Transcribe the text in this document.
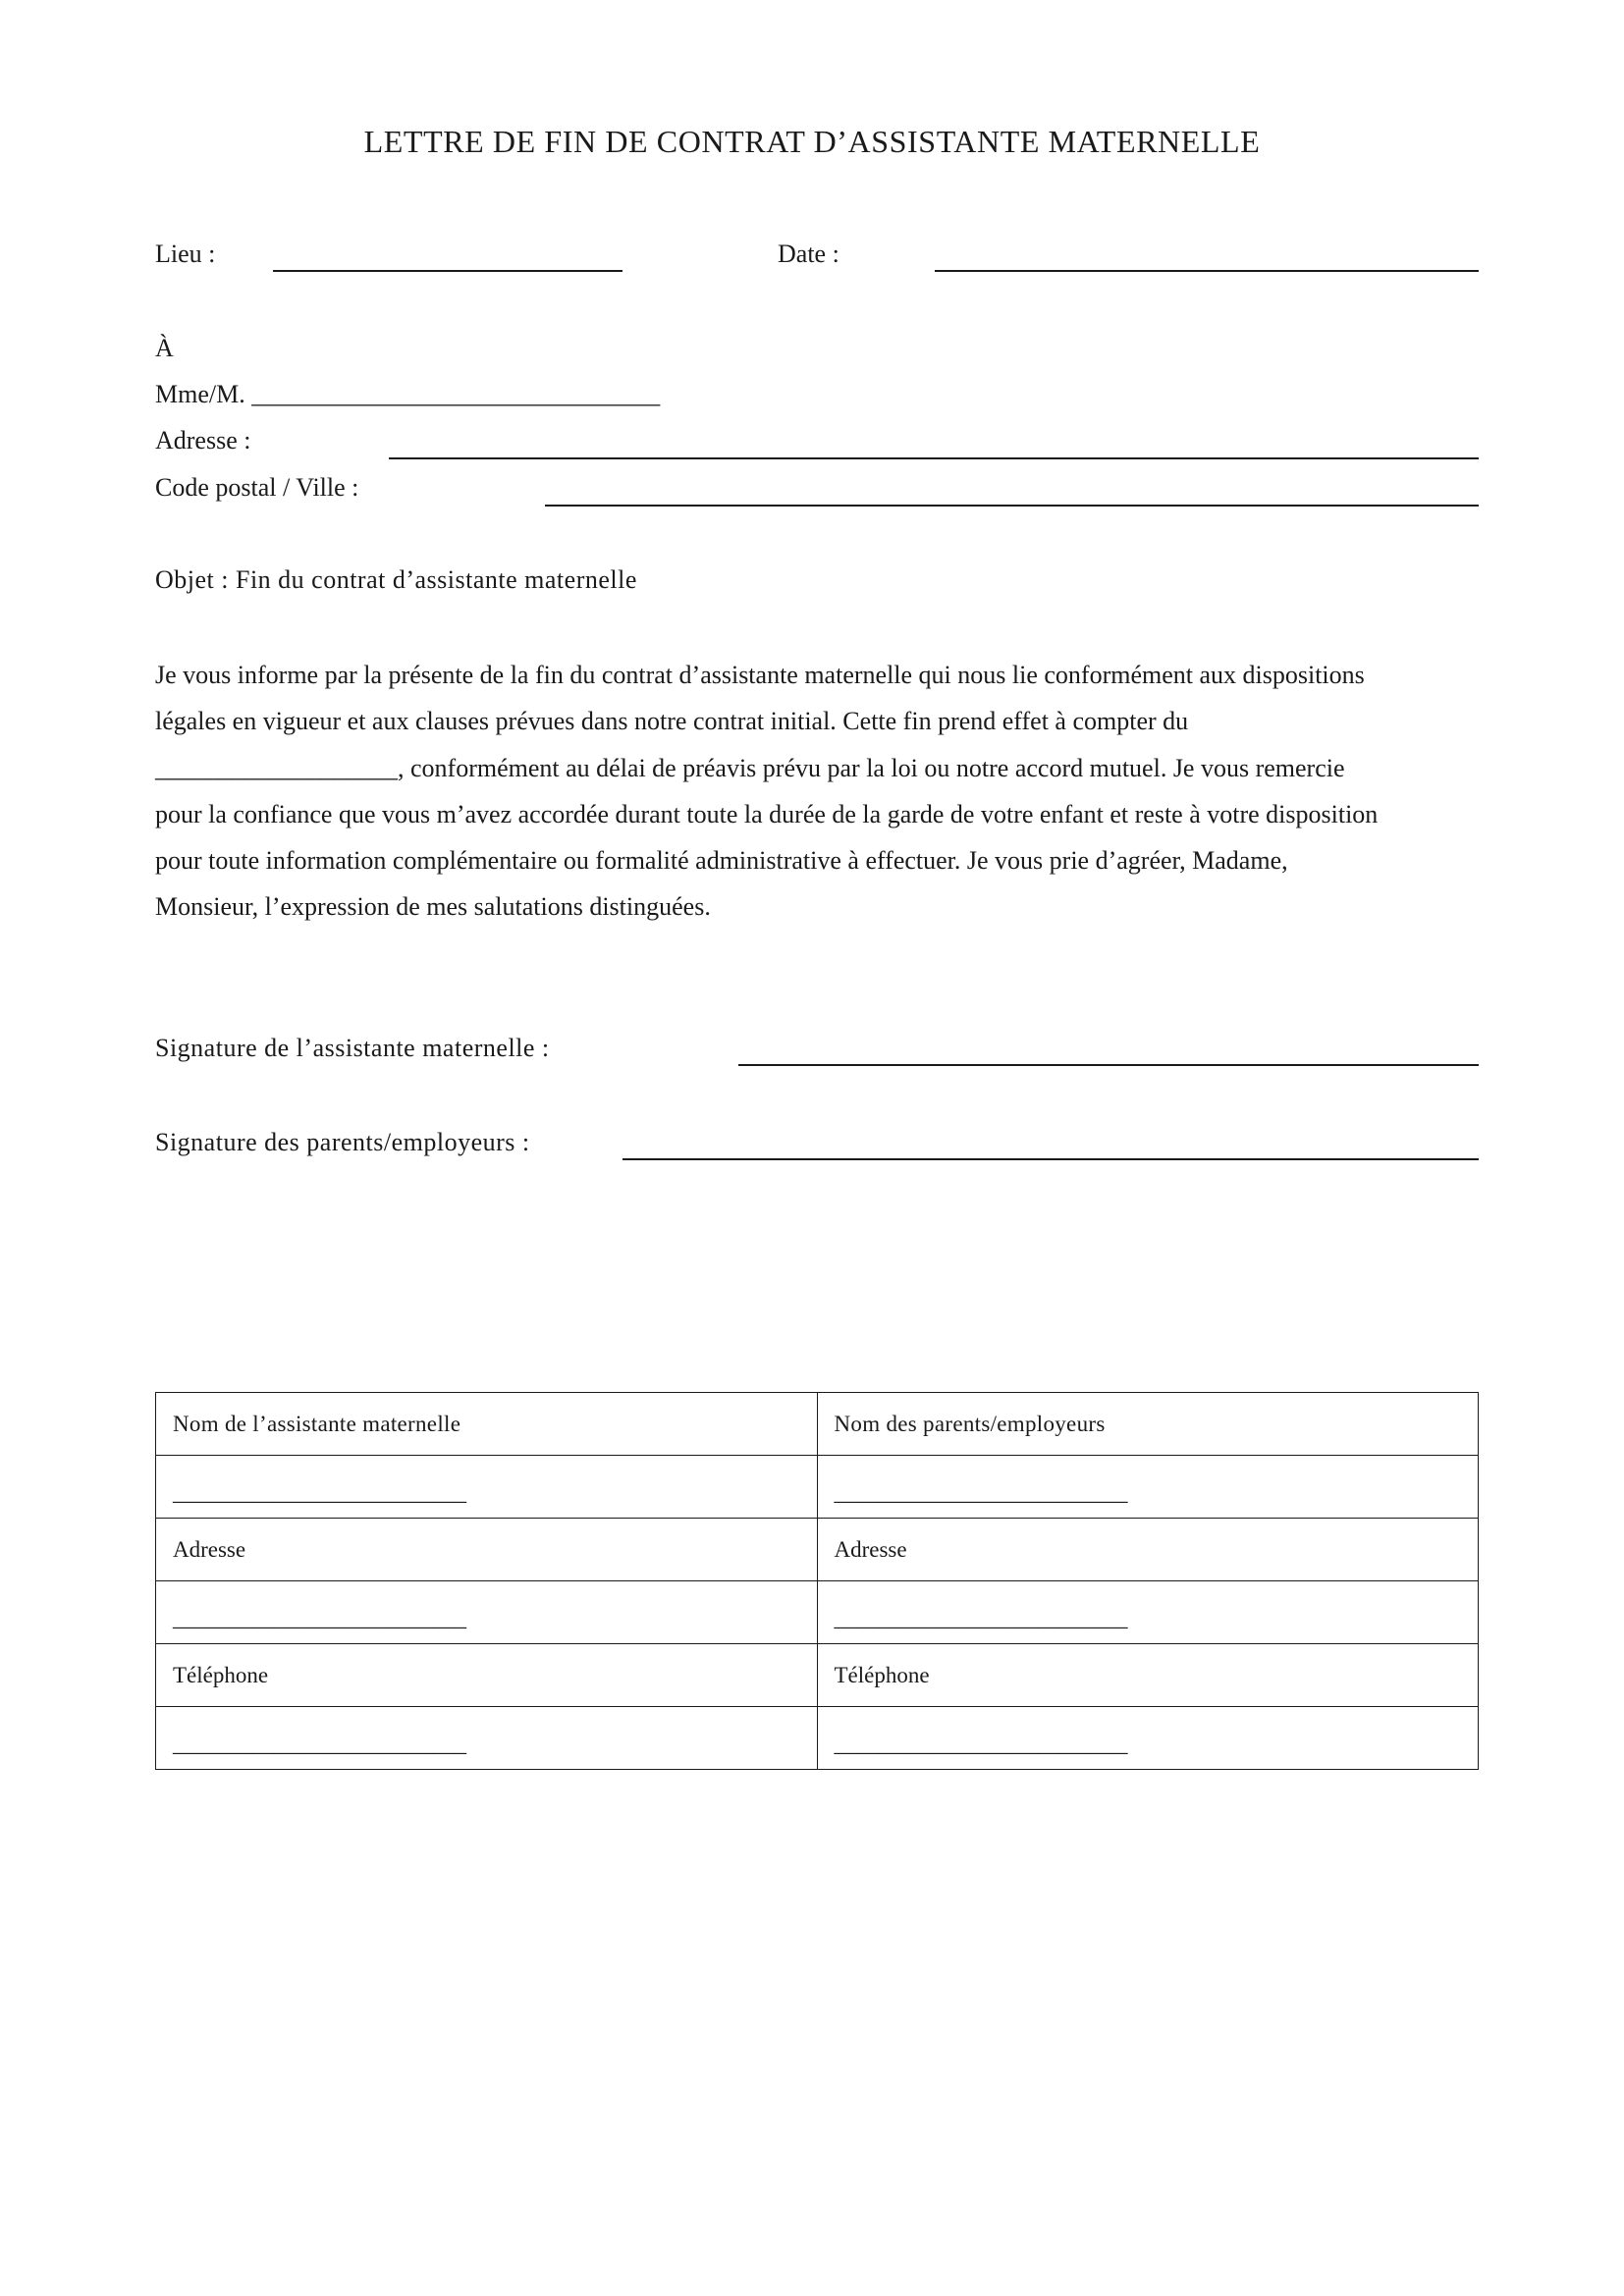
LETTRE DE FIN DE CONTRAT D’ASSISTANTE MATERNELLE
Lieu :	Date :
À
Mme/M. ________________________________
Adresse :
Code postal / Ville :
Objet : Fin du contrat d’assistante maternelle

Je vous informe par la présente de la fin du contrat d’assistante maternelle qui nous lie conformément aux dispositions

légales en vigueur et aux clauses prévues dans notre contrat initial. Cette fin prend effet à compter du

___________________, conformément au délai de préavis prévu par la loi ou notre accord mutuel. Je vous remercie

pour la confiance que vous m’avez accordée durant toute la durée de la garde de votre enfant et reste à votre disposition

pour toute information complémentaire ou formalité administrative à effectuer. Je vous prie d’agréer, Madame,

Monsieur, l’expression de mes salutations distinguées.

Signature de l’assistante maternelle :
Signature des parents/employeurs :
Nom de l’assistante maternelle	Nom des parents/employeurs
__________________________	__________________________
Adresse	Adresse
__________________________	__________________________
Téléphone	Téléphone
__________________________	__________________________
